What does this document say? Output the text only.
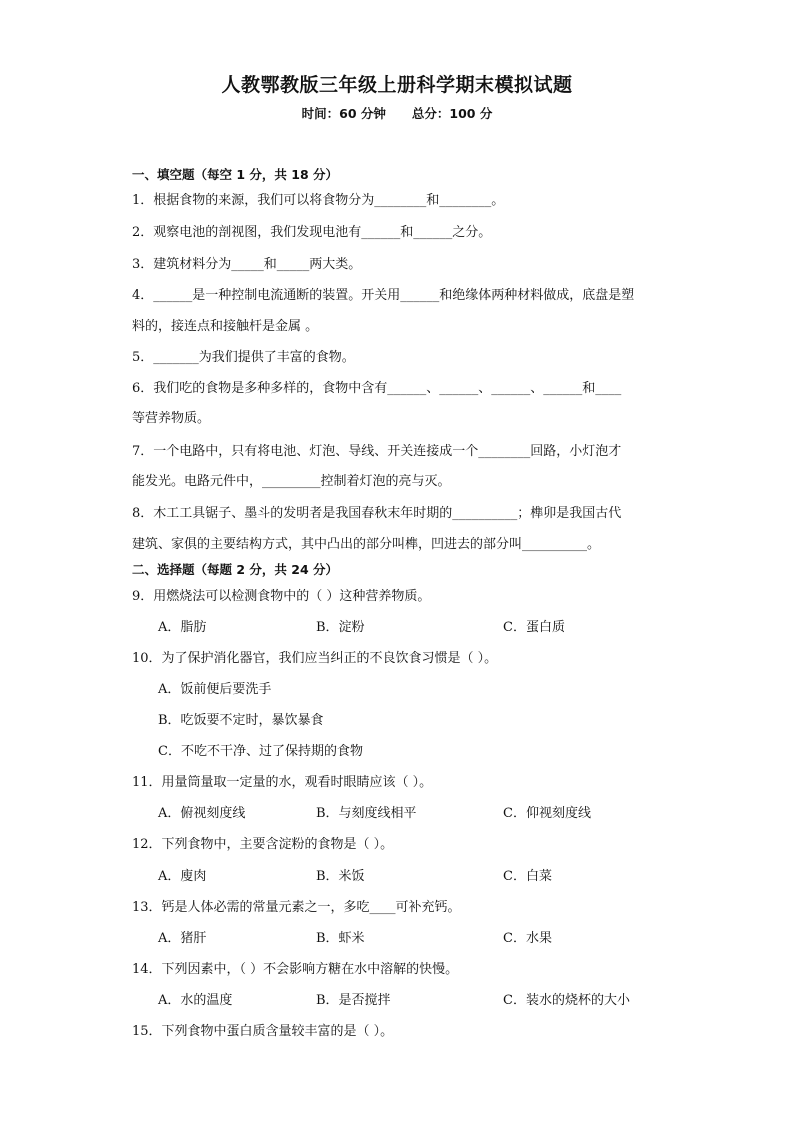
人教鄂教版三年级上册科学期末模拟试题
时间：60 分钟 总分：100 分
一、填空题（每空 1 分，共 18 分）
1．根据食物的来源，我们可以将食物分为________和________。
2．观察电池的剖视图，我们发现电池有______和______之分。
3．建筑材料分为_____和_____两大类。
4．______是一种控制电流通断的装置。开关用______和绝缘体两种材料做成，底盘是塑
料的，接连点和接触杆是金属 。
5．_______为我们提供了丰富的食物。
6．我们吃的食物是多种多样的，食物中含有______、______、______、______和____
等营养物质。
7．一个电路中，只有将电池、灯泡、导线、开关连接成一个________回路，小灯泡才
能发光。电路元件中，_________控制着灯泡的亮与灭。
8．木工工具锯子、墨斗的发明者是我国春秋末年时期的__________；榫卯是我国古代
建筑、家俱的主要结构方式，其中凸出的部分叫榫，凹进去的部分叫__________。
二、选择题（每题 2 分，共 24 分）
9．用燃烧法可以检测食物中的（ ）这种营养物质。
A．脂肪	B．淀粉	C．蛋白质
10．为了保护消化器官，我们应当纠正的不良饮食习惯是（ ）。
A．饭前便后要洗手
B．吃饭要不定时，暴饮暴食
C．不吃不干净、过了保持期的食物
11．用量筒量取一定量的水，观看时眼睛应该（ ）。
A．俯视刻度线	B．与刻度线相平	C．仰视刻度线
12．下列食物中，主要含淀粉的食物是（ ）。
A．廋肉	B．米饭	C．白菜
13．钙是人体必需的常量元素之一，多吃____可补充钙。
A．猪肝	B．虾米	C．水果
14．下列因素中，（ ）不会影响方糖在水中溶解的快慢。
A．水的温度	B．是否搅拌	C．装水的烧杯的大小
15．下列食物中蛋白质含量较丰富的是（ ）。
